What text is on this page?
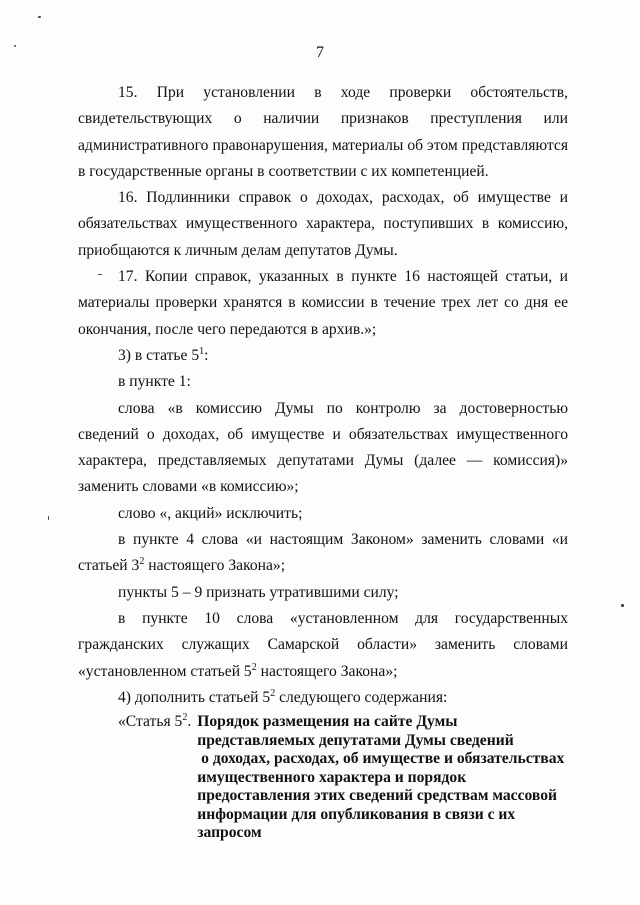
7

15. При установлении в ходе проверки обстоятельств, свидетельствующих о наличии признаков преступления или административного правонарушения, материалы об этом представляются в государственные органы в соответствии с их компетенцией.

16. Подлинники справок о доходах, расходах, об имуществе и обязательствах имущественного характера, поступивших в комиссию, приобщаются к личным делам депутатов Думы.

17. Копии справок, указанных в пункте 16 настоящей статьи, и материалы проверки хранятся в комиссии в течение трех лет со дня ее окончания, после чего передаются в архив.»;

3) в статье $5^1$:

в пункте 1:

слова «в комиссию Думы по контролю за достоверностью сведений о доходах, об имуществе и обязательствах имущественного характера, представляемых депутатами Думы (далее — комиссия)» заменить словами «в комиссию»;

слово «, акций» исключить;

в пункте 4 слова «и настоящим Законом» заменить словами «и статьей $3^2$ настоящего Закона»;

пункты 5 – 9 признать утратившими силу;

в пункте 10 слова «установленном для государственных гражданских служащих Самарской области» заменить словами «установленном статьей $5^2$ настоящего Закона»;

4) дополнить статьей $5^2$ следующего содержания:

«Статья $5^2$. Порядок размещения на сайте Думы
представляемых депутатами Думы сведений
о доходах, расходах, об имуществе и обязательствах
имущественного характера и порядок
предоставления этих сведений средствам массовой
информации для опубликования в связи с их
запросом
